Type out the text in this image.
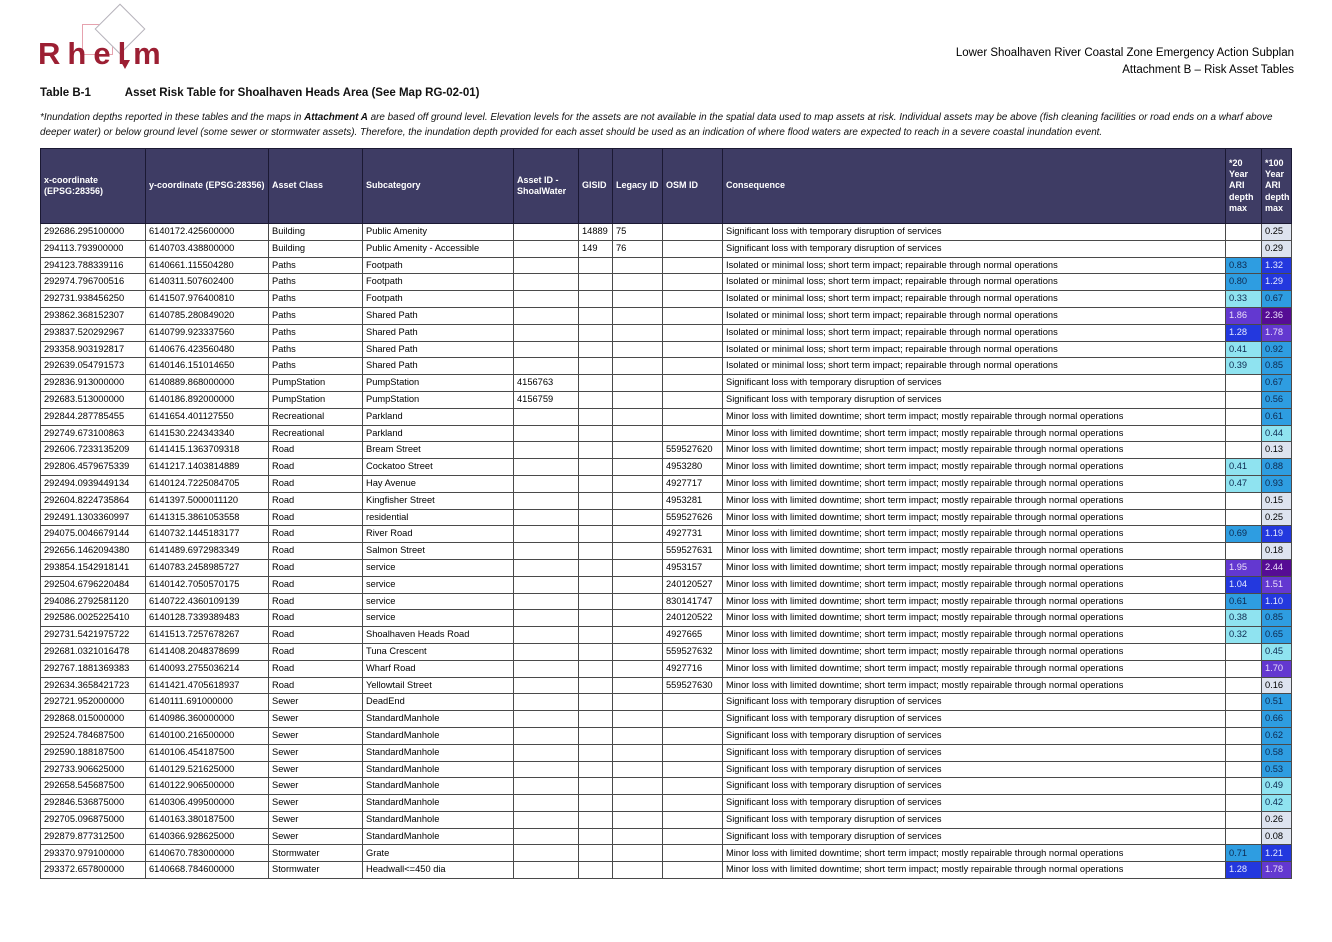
Rhelm	Lower Shoalhaven River Coastal Zone Emergency Action Subplan
Attachment B – Risk Asset Tables
Table B-1	Asset Risk Table for Shoalhaven Heads Area (See Map RG-02-01)
*Inundation depths reported in these tables and the maps in Attachment A are based off ground level. Elevation levels for the assets are not available in the spatial data used to map assets at risk. Individual assets may be above (fish cleaning facilities or road ends on a wharf above deeper water) or below ground level (some sewer or stormwater assets). Therefore, the inundation depth provided for each asset should be used as an indication of where flood waters are expected to reach in a severe coastal inundation event.
x-coordinate (EPSG:28356)	y-coordinate (EPSG:28356)	Asset Class	Subcategory	Asset ID - ShoalWater	GISID	Legacy ID	OSM ID	Consequence	*20 Year ARI depth max	*100 Year ARI depth max
292686.295100000	6140172.425600000	Building	Public Amenity		14889	75		Significant loss with temporary disruption of services		0.25
294113.793900000	6140703.438800000	Building	Public Amenity - Accessible		149	76		Significant loss with temporary disruption of services		0.29
294123.788339116	6140661.115504280	Paths	Footpath					Isolated or minimal loss; short term impact; repairable through normal operations	0.83	1.32
292974.796700516	6140311.507602400	Paths	Footpath					Isolated or minimal loss; short term impact; repairable through normal operations	0.80	1.29
292731.938456250	6141507.976400810	Paths	Footpath					Isolated or minimal loss; short term impact; repairable through normal operations	0.33	0.67
293862.368152307	6140785.280849020	Paths	Shared Path					Isolated or minimal loss; short term impact; repairable through normal operations	1.86	2.36
293837.520292967	6140799.923337560	Paths	Shared Path					Isolated or minimal loss; short term impact; repairable through normal operations	1.28	1.78
293358.903192817	6140676.423560480	Paths	Shared Path					Isolated or minimal loss; short term impact; repairable through normal operations	0.41	0.92
292639.054791573	6140146.151014650	Paths	Shared Path					Isolated or minimal loss; short term impact; repairable through normal operations	0.39	0.85
292836.913000000	6140889.868000000	PumpStation	PumpStation	4156763				Significant loss with temporary disruption of services		0.67
292683.513000000	6140186.892000000	PumpStation	PumpStation	4156759				Significant loss with temporary disruption of services		0.56
292844.287785455	6141654.401127550	Recreational	Parkland					Minor loss with limited downtime; short term impact; mostly repairable through normal operations		0.61
292749.673100863	6141530.224343340	Recreational	Parkland					Minor loss with limited downtime; short term impact; mostly repairable through normal operations		0.44
292606.7233135209	6141415.1363709318	Road	Bream Street				559527620	Minor loss with limited downtime; short term impact; mostly repairable through normal operations		0.13
292806.4579675339	6141217.1403814889	Road	Cockatoo Street				4953280	Minor loss with limited downtime; short term impact; mostly repairable through normal operations	0.41	0.88
292494.0939449134	6140124.7225084705	Road	Hay Avenue				4927717	Minor loss with limited downtime; short term impact; mostly repairable through normal operations	0.47	0.93
292604.8224735864	6141397.5000011120	Road	Kingfisher Street				4953281	Minor loss with limited downtime; short term impact; mostly repairable through normal operations		0.15
292491.1303360997	6141315.3861053558	Road	residential				559527626	Minor loss with limited downtime; short term impact; mostly repairable through normal operations		0.25
294075.0046679144	6140732.1445183177	Road	River Road				4927731	Minor loss with limited downtime; short term impact; mostly repairable through normal operations	0.69	1.19
292656.1462094380	6141489.6972983349	Road	Salmon Street				559527631	Minor loss with limited downtime; short term impact; mostly repairable through normal operations		0.18
293854.1542918141	6140783.2458985727	Road	service				4953157	Minor loss with limited downtime; short term impact; mostly repairable through normal operations	1.95	2.44
292504.6796220484	6140142.7050570175	Road	service				240120527	Minor loss with limited downtime; short term impact; mostly repairable through normal operations	1.04	1.51
294086.2792581120	6140722.4360109139	Road	service				830141747	Minor loss with limited downtime; short term impact; mostly repairable through normal operations	0.61	1.10
292586.0025225410	6140128.7339389483	Road	service				240120522	Minor loss with limited downtime; short term impact; mostly repairable through normal operations	0.38	0.85
292731.5421975722	6141513.7257678267	Road	Shoalhaven Heads Road				4927665	Minor loss with limited downtime; short term impact; mostly repairable through normal operations	0.32	0.65
292681.0321016478	6141408.2048378699	Road	Tuna Crescent				559527632	Minor loss with limited downtime; short term impact; mostly repairable through normal operations		0.45
292767.1881369383	6140093.2755036214	Road	Wharf Road				4927716	Minor loss with limited downtime; short term impact; mostly repairable through normal operations		1.70
292634.3658421723	6141421.4705618937	Road	Yellowtail Street				559527630	Minor loss with limited downtime; short term impact; mostly repairable through normal operations		0.16
292721.952000000	6140111.691000000	Sewer	DeadEnd					Significant loss with temporary disruption of services		0.51
292868.015000000	6140986.360000000	Sewer	StandardManhole					Significant loss with temporary disruption of services		0.66
292524.784687500	6140100.216500000	Sewer	StandardManhole					Significant loss with temporary disruption of services		0.62
292590.188187500	6140106.454187500	Sewer	StandardManhole					Significant loss with temporary disruption of services		0.58
292733.906625000	6140129.521625000	Sewer	StandardManhole					Significant loss with temporary disruption of services		0.53
292658.545687500	6140122.906500000	Sewer	StandardManhole					Significant loss with temporary disruption of services		0.49
292846.536875000	6140306.499500000	Sewer	StandardManhole					Significant loss with temporary disruption of services		0.42
292705.096875000	6140163.380187500	Sewer	StandardManhole					Significant loss with temporary disruption of services		0.26
292879.877312500	6140366.928625000	Sewer	StandardManhole					Significant loss with temporary disruption of services		0.08
293370.979100000	6140670.783000000	Stormwater	Grate					Minor loss with limited downtime; short term impact; mostly repairable through normal operations	0.71	1.21
293372.657800000	6140668.784600000	Stormwater	Headwall<=450 dia					Minor loss with limited downtime; short term impact; mostly repairable through normal operations	1.28	1.78
